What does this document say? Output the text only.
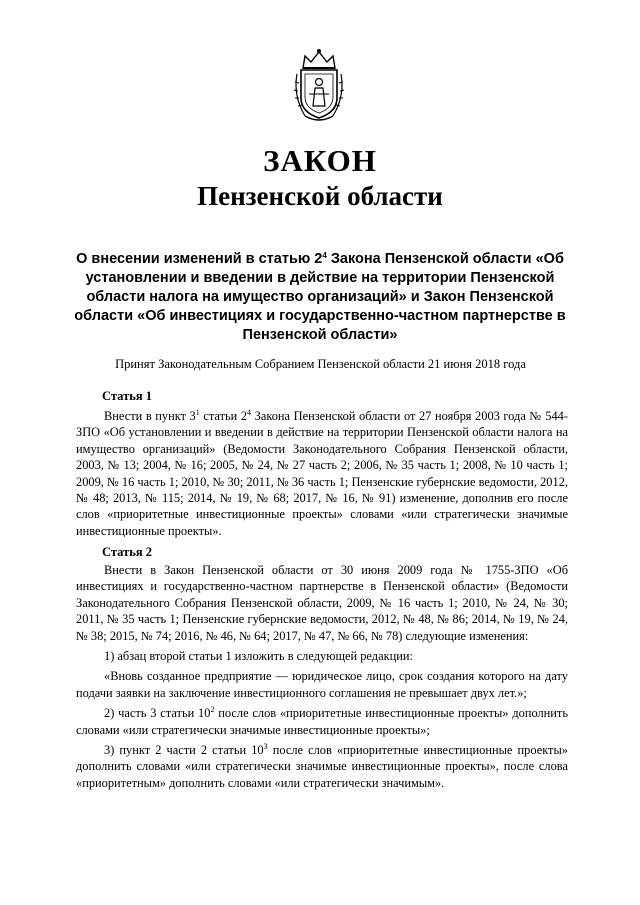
ЗАКОН
Пензенской области
О внесении изменений в статью $2^4$ Закона Пензенской области «Об установлении и введении в действие на территории Пензенской области налога на имущество организаций» и Закон Пензенской области «Об инвестициях и государственно-частном партнерстве в Пензенской области»
Принят Законодательным Собранием Пензенской области 21 июня 2018 года
Статья 1

Внести в пункт $3^1$ статьи $2^4$ Закона Пензенской области от 27 ноября 2003 года № 544-ЗПО «Об установлении и введении в действие на территории Пензенской области налога на имущество организаций» (Ведомости Законодательного Собрания Пензенской области, 2003, № 13; 2004, № 16; 2005, № 24, № 27 часть 2; 2006, № 35 часть 1; 2008, № 10 часть 1; 2009, № 16 часть 1; 2010, № 30; 2011, № 36 часть 1; Пензенские губернские ведомости, 2012, № 48; 2013, № 115; 2014, № 19, № 68; 2017, № 16, № 91) изменение, дополнив его после слов «приоритетные инвестиционные проекты» словами «или стратегически значимые инвестиционные проекты».

Статья 2

Внести в Закон Пензенской области от 30 июня 2009 года № 1755-ЗПО «Об инвестициях и государственно-частном партнерстве в Пензенской области» (Ведомости Законодательного Собрания Пензенской области, 2009, № 16 часть 1; 2010, № 24, № 30; 2011, № 35 часть 1; Пензенские губернские ведомости, 2012, № 48, № 86; 2014, № 19, № 24, № 38; 2015, № 74; 2016, № 46, № 64; 2017, № 47, № 66, № 78) следующие изменения:

1) абзац второй статьи 1 изложить в следующей редакции:

«Вновь созданное предприятие — юридическое лицо, срок создания которого на дату подачи заявки на заключение инвестиционного соглашения не превышает двух лет.»;

2) часть 3 статьи $10^2$ после слов «приоритетные инвестиционные проекты» дополнить словами «или стратегически значимые инвестиционные проекты»;

3) пункт 2 части 2 статьи $10^3$ после слов «приоритетные инвестиционные проекты» дополнить словами «или стратегически значимые инвестиционные проекты», после слова «приоритетным» дополнить словами «или стратегически значимым».
